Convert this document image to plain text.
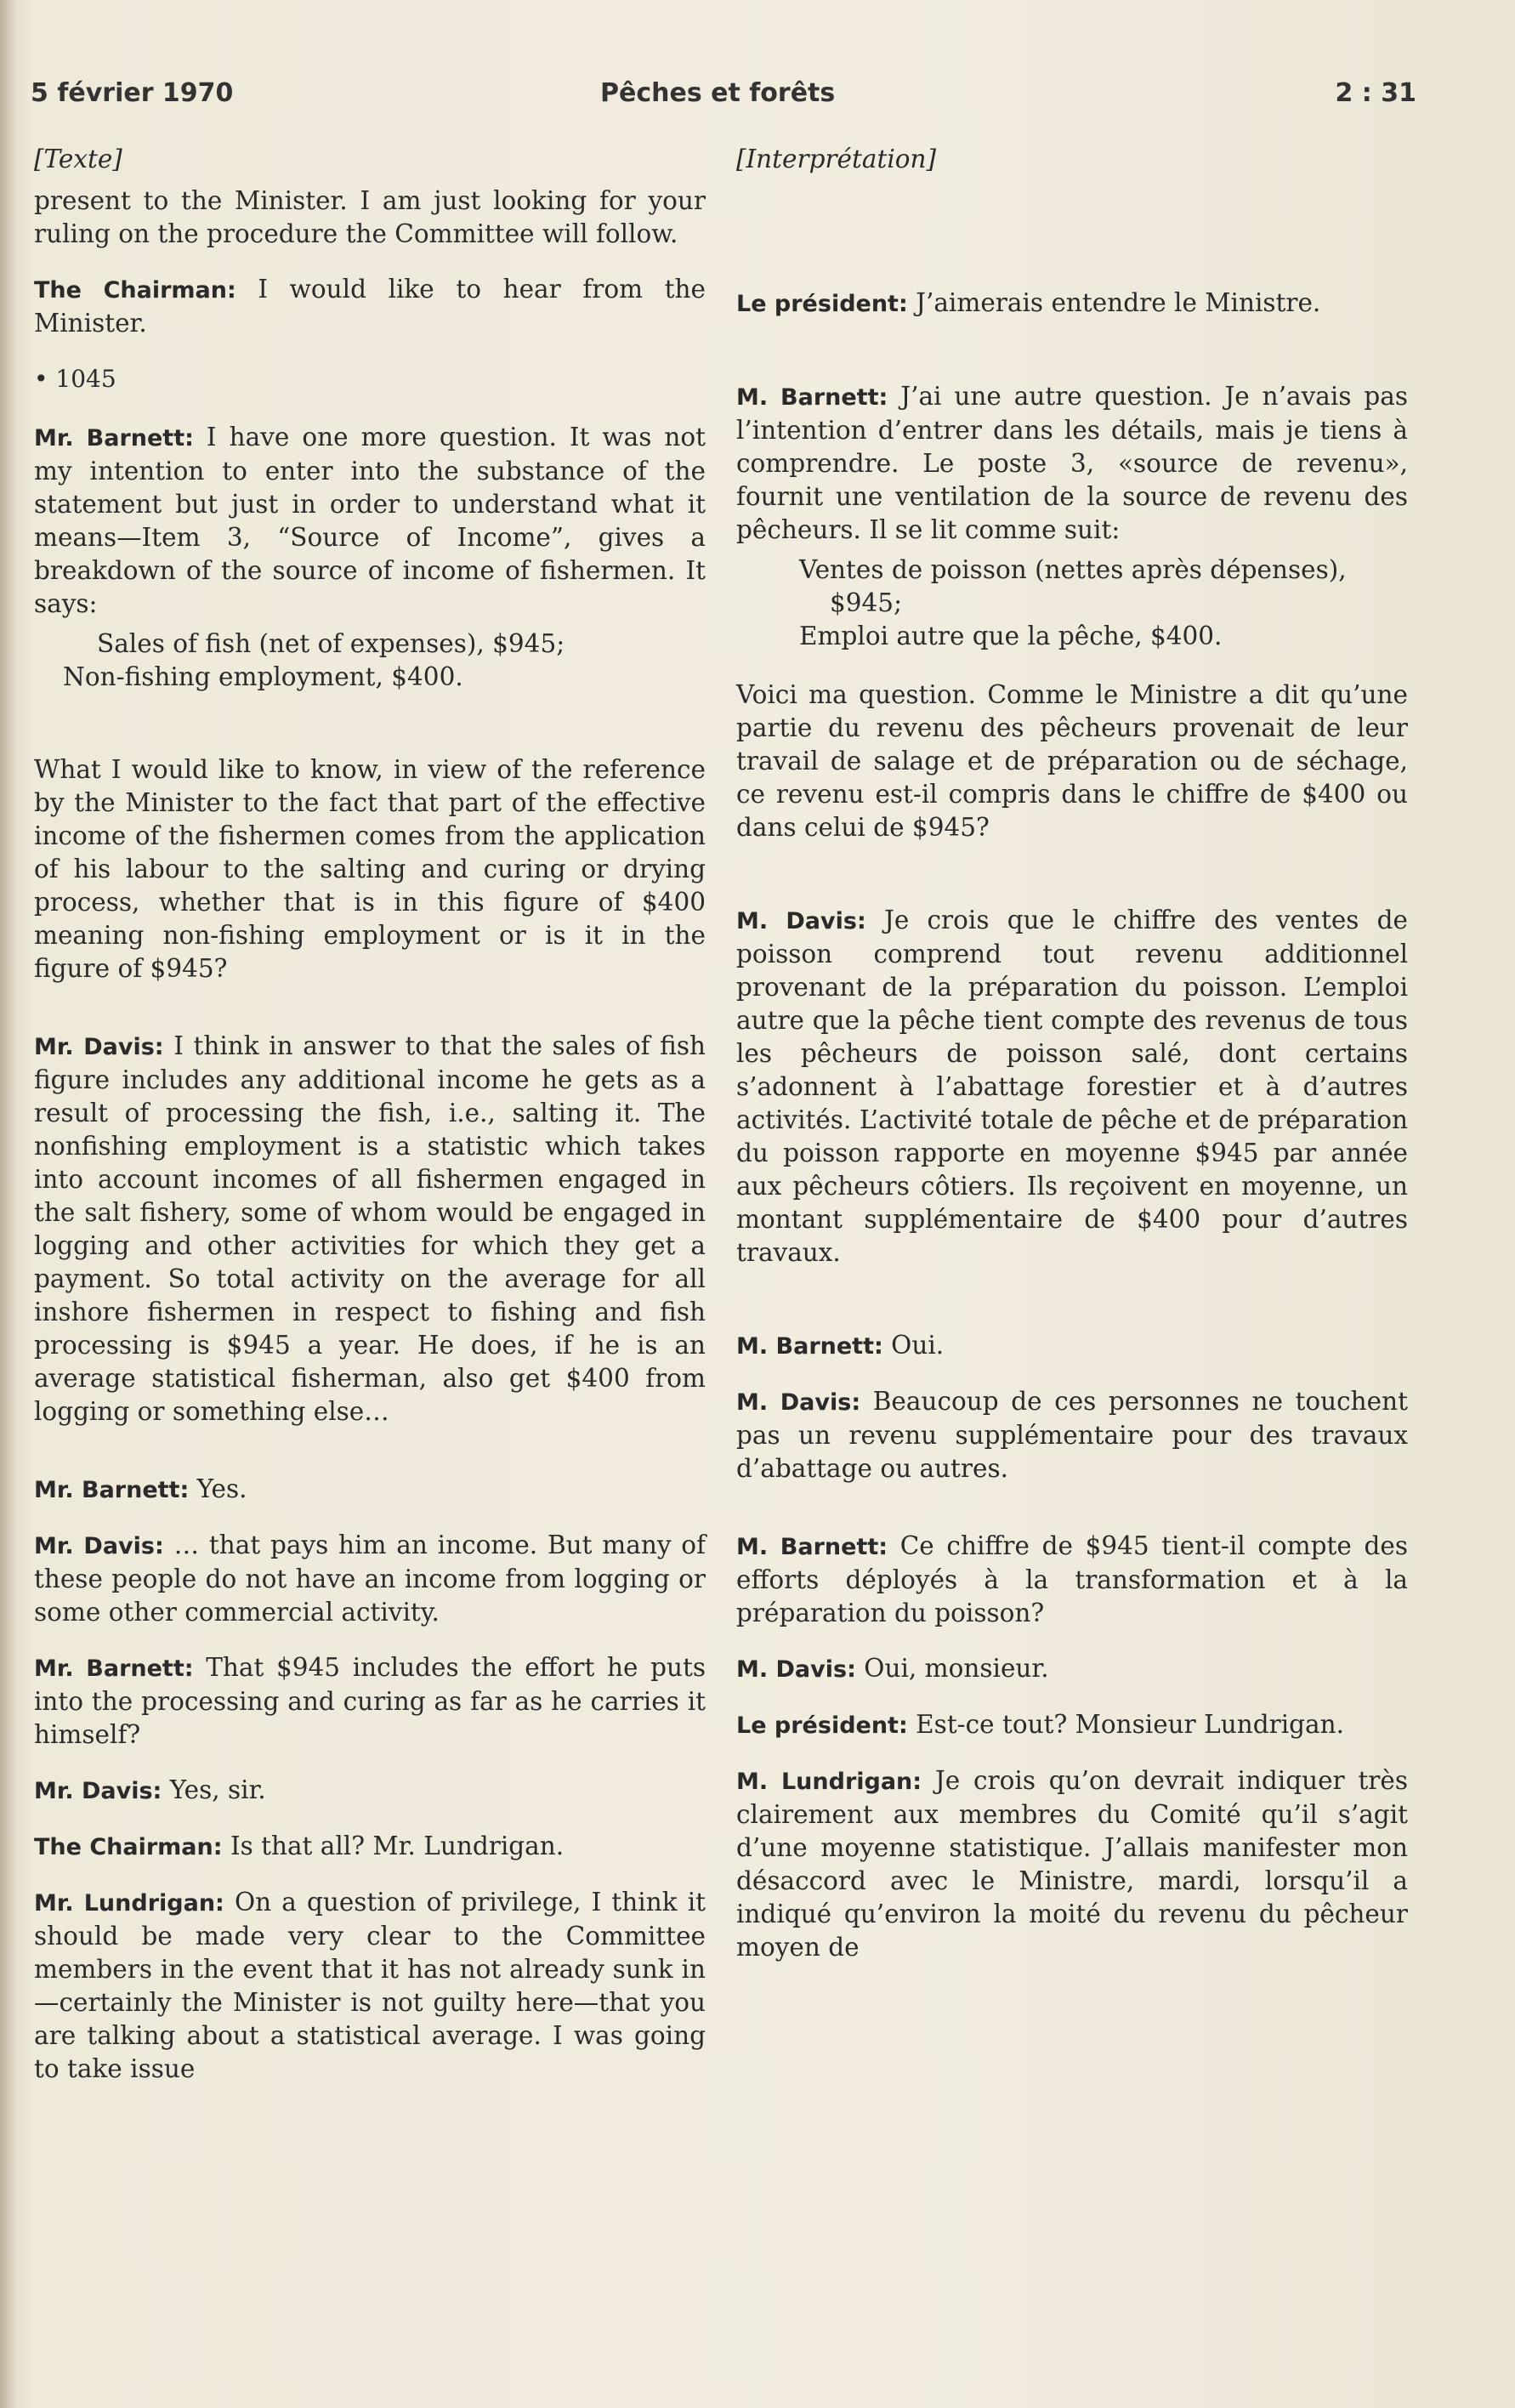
5 février 1970	Pêches et forêts	2 : 31

[Texte]

present to the Minister. I am just looking for your ruling on the procedure the Committee will follow.

The Chairman: I would like to hear from the Minister.

• 1045

Mr. Barnett: I have one more question. It was not my intention to enter into the substance of the statement but just in order to understand what it means—Item 3, “Source of Income”, gives a breakdown of the source of income of fishermen. It says:

Sales of fish (net of expenses), $945;

Non-fishing employment, $400.

What I would like to know, in view of the reference by the Minister to the fact that part of the effective income of the fishermen comes from the application of his labour to the salting and curing or drying process, whether that is in this figure of $400 meaning non-fishing employment or is it in the figure of $945?

Mr. Davis: I think in answer to that the sales of fish figure includes any additional income he gets as a result of processing the fish, i.e., salting it. The nonfishing employment is a statistic which takes into account incomes of all fishermen engaged in the salt fishery, some of whom would be engaged in logging and other activities for which they get a payment. So total activity on the average for all inshore fishermen in respect to fishing and fish processing is $945 a year. He does, if he is an average statistical fisherman, also get $400 from logging or something else…

Mr. Barnett: Yes.

Mr. Davis: … that pays him an income. But many of these people do not have an income from logging or some other commercial activity.

Mr. Barnett: That $945 includes the effort he puts into the processing and curing as far as he carries it himself?

Mr. Davis: Yes, sir.

The Chairman: Is that all? Mr. Lundrigan.

Mr. Lundrigan: On a question of privilege, I think it should be made very clear to the Committee members in the event that it has not already sunk in—certainly the Minister is not guilty here—that you are talking about a statistical average. I was going to take issue

[Interprétation]

Le président: J’aimerais entendre le Ministre.

M. Barnett: J’ai une autre question. Je n’avais pas l’intention d’entrer dans les détails, mais je tiens à comprendre. Le poste 3, «source de revenu», fournit une ventilation de la source de revenu des pêcheurs. Il se lit comme suit:

Ventes de poisson (nettes après dépenses), $945;

Emploi autre que la pêche, $400.

Voici ma question. Comme le Ministre a dit qu’une partie du revenu des pêcheurs provenait de leur travail de salage et de préparation ou de séchage, ce revenu est-il compris dans le chiffre de $400 ou dans celui de $945?

M. Davis: Je crois que le chiffre des ventes de poisson comprend tout revenu additionnel provenant de la préparation du poisson. L’emploi autre que la pêche tient compte des revenus de tous les pêcheurs de poisson salé, dont certains s’adonnent à l’abattage forestier et à d’autres activités. L’activité totale de pêche et de préparation du poisson rapporte en moyenne $945 par année aux pêcheurs côtiers. Ils reçoivent en moyenne, un montant supplémentaire de $400 pour d’autres travaux.

M. Barnett: Oui.

M. Davis: Beaucoup de ces personnes ne touchent pas un revenu supplémentaire pour des travaux d’abattage ou autres.

M. Barnett: Ce chiffre de $945 tient-il compte des efforts déployés à la transformation et à la préparation du poisson?

M. Davis: Oui, monsieur.

Le président: Est-ce tout? Monsieur Lundrigan.

M. Lundrigan: Je crois qu’on devrait indiquer très clairement aux membres du Comité qu’il s’agit d’une moyenne statistique. J’allais manifester mon désaccord avec le Ministre, mardi, lorsqu’il a indiqué qu’environ la moité du revenu du pêcheur moyen de
